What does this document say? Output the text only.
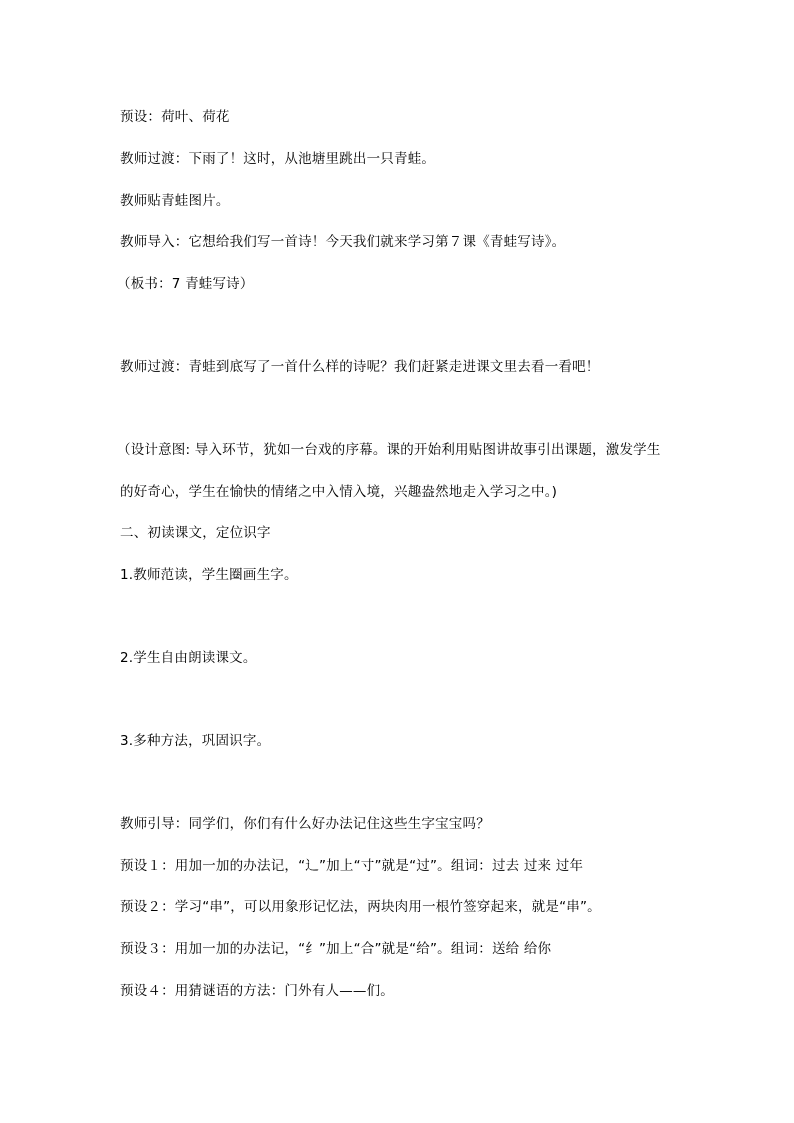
预设：荷叶、荷花
教师过渡：下雨了！这时，从池塘里跳出一只青蛙。
教师贴青蛙图片。
教师导入：它想给我们写一首诗！今天我们就来学习第７课《青蛙写诗》。
（板书：7 青蛙写诗）
教师过渡：青蛙到底写了一首什么样的诗呢？我们赶紧走进课文里去看一看吧！
（设计意图: 导入环节，犹如一台戏的序幕。课的开始利用贴图讲故事引出课题，激发学生
的好奇心，学生在愉快的情绪之中入情入境，兴趣盎然地走入学习之中。)
二、初读课文，定位识字
1.教师范读，学生圈画生字。
2.学生自由朗读课文。
3.多种方法，巩固识字。
教师引导：同学们，你们有什么好办法记住这些生字宝宝吗？
预设１：用加一加的办法记，“辶”加上“寸”就是“过”。组词：过去 过来 过年
预设２：学习“串”，可以用象形记忆法，两块肉用一根竹签穿起来，就是“串”。
预设３：用加一加的办法记，“纟”加上“合”就是“给”。组词：送给 给你
预设４：用猜谜语的方法：门外有人——们。
